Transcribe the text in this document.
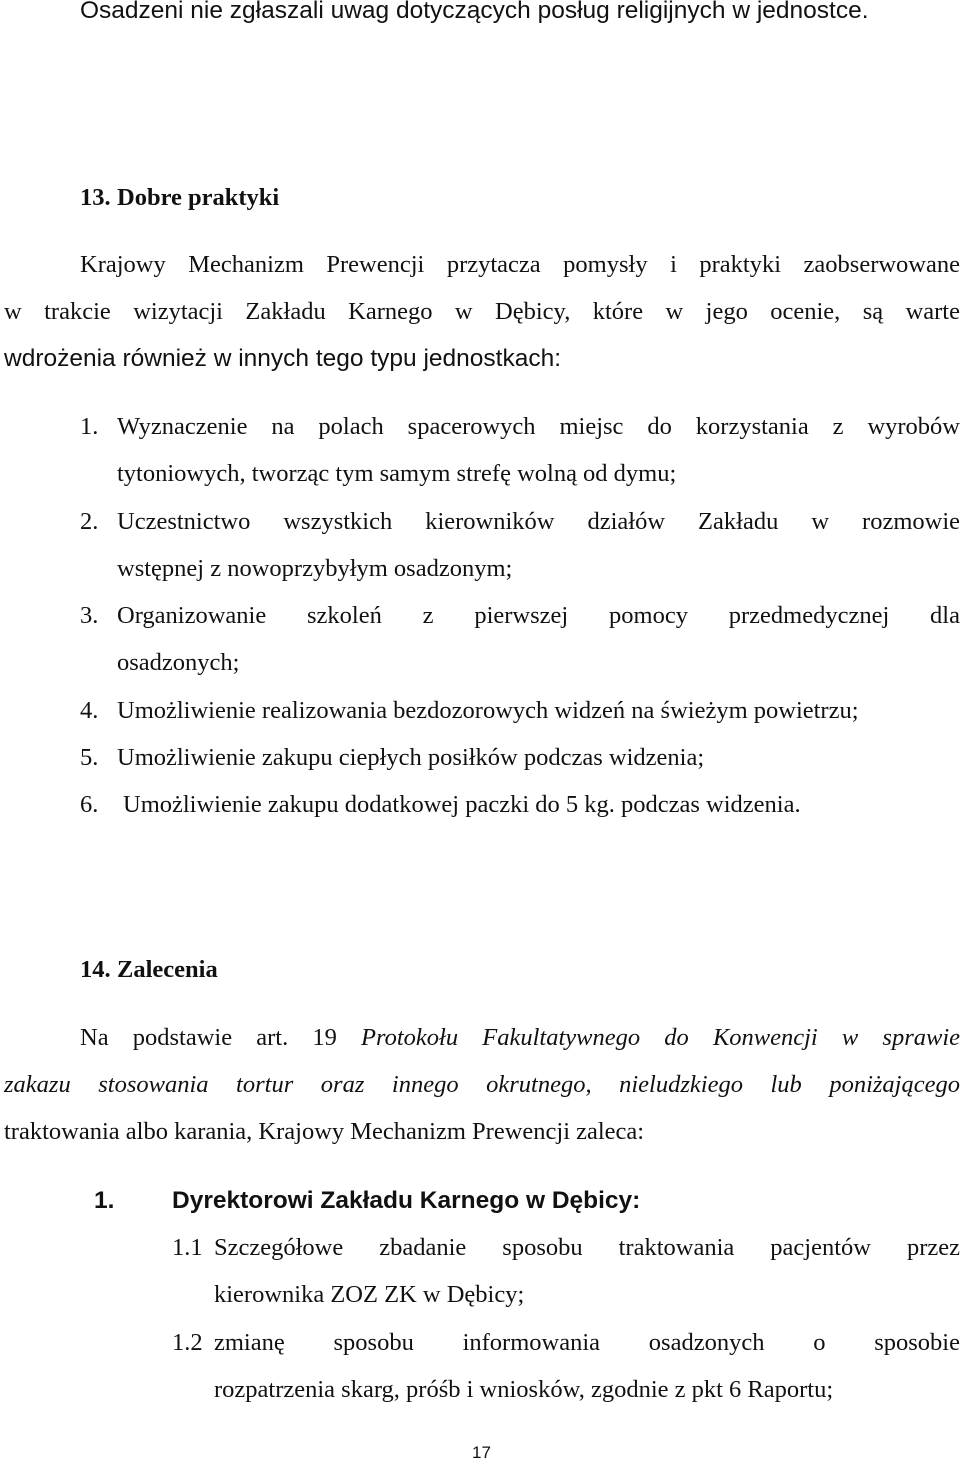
Osadzeni nie zgłaszali uwag dotyczących posług religijnych w jednostce.
13. Dobre praktyki
Krajowy Mechanizm Prewencji przytacza pomysły i praktyki zaobserwowane
w trakcie wizytacji Zakładu Karnego w Dębicy, które w jego ocenie, są warte
wdrożenia również w innych tego typu jednostkach:
1. Wyznaczenie na polach spacerowych miejsc do korzystania z wyrobów
tytoniowych, tworząc tym samym strefę wolną od dymu;
2. Uczestnictwo wszystkich kierowników działów Zakładu w rozmowie
wstępnej z nowoprzybyłym osadzonym;
3. Organizowanie szkoleń z pierwszej pomocy przedmedycznej dla
osadzonych;
4. Umożliwienie realizowania bezdozorowych widzeń na świeżym powietrzu;
5. Umożliwienie zakupu ciepłych posiłków podczas widzenia;
6. Umożliwienie zakupu dodatkowej paczki do 5 kg. podczas widzenia.
14. Zalecenia
Na podstawie art. 19 Protokołu Fakultatywnego do Konwencji w sprawie
zakazu stosowania tortur oraz innego okrutnego, nieludzkiego lub poniżającego
traktowania albo karania, Krajowy Mechanizm Prewencji zaleca:
1. Dyrektorowi Zakładu Karnego w Dębicy:
1.1 Szczegółowe zbadanie sposobu traktowania pacjentów przez
kierownika ZOZ ZK w Dębicy;
1.2 zmianę sposobu informowania osadzonych o sposobie
rozpatrzenia skarg, próśb i wniosków, zgodnie z pkt 6 Raportu;
17
